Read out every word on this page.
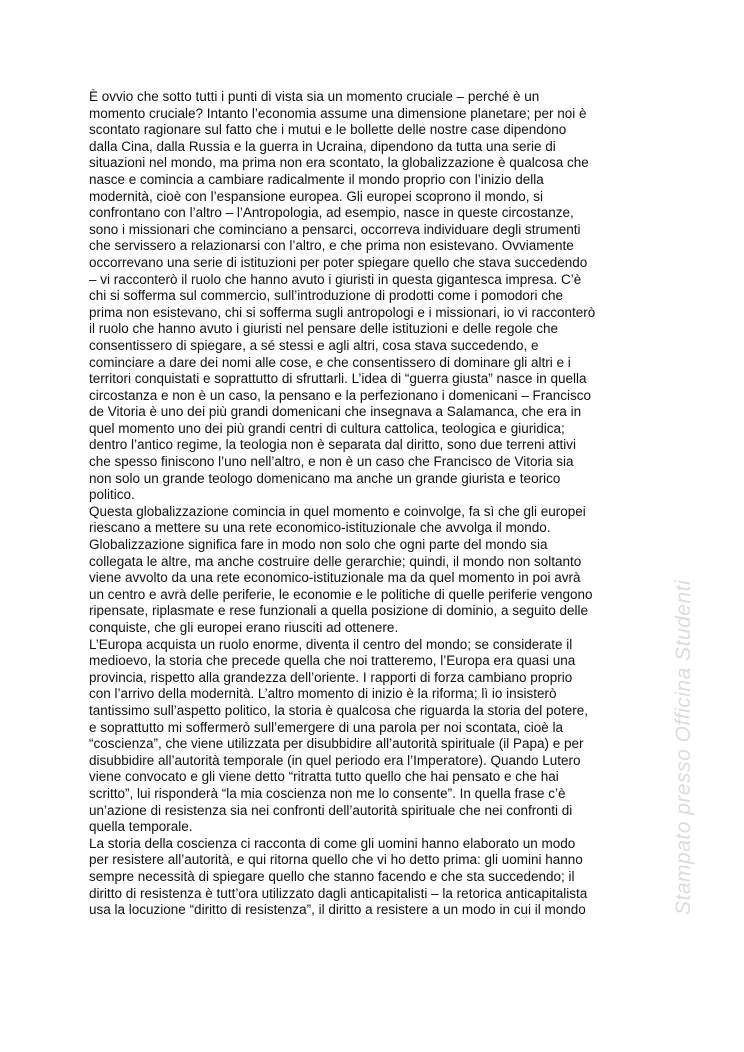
È ovvio che sotto tutti i punti di vista sia un momento cruciale – perché è un
momento cruciale? Intanto l’economia assume una dimensione planetare; per noi è
scontato ragionare sul fatto che i mutui e le bollette delle nostre case dipendono
dalla Cina, dalla Russia e la guerra in Ucraina, dipendono da tutta una serie di
situazioni nel mondo, ma prima non era scontato, la globalizzazione è qualcosa che
nasce e comincia a cambiare radicalmente il mondo proprio con l’inizio della
modernità, cioè con l’espansione europea. Gli europei scoprono il mondo, si
confrontano con l’altro – l’Antropologia, ad esempio, nasce in queste circostanze,
sono i missionari che cominciano a pensarci, occorreva individuare degli strumenti
che servissero a relazionarsi con l’altro, e che prima non esistevano. Ovviamente
occorrevano una serie di istituzioni per poter spiegare quello che stava succedendo
– vi racconterò il ruolo che hanno avuto i giuristi in questa gigantesca impresa. C’è
chi si sofferma sul commercio, sull’introduzione di prodotti come i pomodori che
prima non esistevano, chi si sofferma sugli antropologi e i missionari, io vi racconterò
il ruolo che hanno avuto i giuristi nel pensare delle istituzioni e delle regole che
consentissero di spiegare, a sé stessi e agli altri, cosa stava succedendo, e
cominciare a dare dei nomi alle cose, e che consentissero di dominare gli altri e i
territori conquistati e soprattutto di sfruttarli. L’idea di “guerra giusta” nasce in quella
circostanza e non è un caso, la pensano e la perfezionano i domenicani – Francisco
de Vitoria è uno dei più grandi domenicani che insegnava a Salamanca, che era in
quel momento uno dei più grandi centri di cultura cattolica, teologica e giuridica;
dentro l’antico regime, la teologia non è separata dal diritto, sono due terreni attivi
che spesso finiscono l’uno nell’altro, e non è un caso che Francisco de Vitoria sia
non solo un grande teologo domenicano ma anche un grande giurista e teorico
politico.
Questa globalizzazione comincia in quel momento e coinvolge, fa sì che gli europei
riescano a mettere su una rete economico-istituzionale che avvolga il mondo.
Globalizzazione significa fare in modo non solo che ogni parte del mondo sia
collegata le altre, ma anche costruire delle gerarchie; quindi, il mondo non soltanto
viene avvolto da una rete economico-istituzionale ma da quel momento in poi avrà
un centro e avrà delle periferie, le economie e le politiche di quelle periferie vengono
ripensate, riplasmate e rese funzionali a quella posizione di dominio, a seguito delle
conquiste, che gli europei erano riusciti ad ottenere.
L’Europa acquista un ruolo enorme, diventa il centro del mondo; se considerate il
medioevo, la storia che precede quella che noi tratteremo, l’Europa era quasi una
provincia, rispetto alla grandezza dell’oriente. I rapporti di forza cambiano proprio
con l’arrivo della modernità. L’altro momento di inizio è la riforma; lì io insisterò
tantissimo sull’aspetto politico, la storia è qualcosa che riguarda la storia del potere,
e soprattutto mi soffermerò sull’emergere di una parola per noi scontata, cioè la
“coscienza”, che viene utilizzata per disubbidire all’autorità spirituale (il Papa) e per
disubbidire all’autorità temporale (in quel periodo era l’Imperatore). Quando Lutero
viene convocato e gli viene detto “ritratta tutto quello che hai pensato e che hai
scritto”, lui risponderà “la mia coscienza non me lo consente”. In quella frase c’è
un’azione di resistenza sia nei confronti dell’autorità spirituale che nei confronti di
quella temporale.
La storia della coscienza ci racconta di come gli uomini hanno elaborato un modo
per resistere all’autorità, e qui ritorna quello che vi ho detto prima: gli uomini hanno
sempre necessità di spiegare quello che stanno facendo e che sta succedendo; il
diritto di resistenza è tutt’ora utilizzato dagli anticapitalisti – la retorica anticapitalista
usa la locuzione “diritto di resistenza”, il diritto a resistere a un modo in cui il mondo	Stampato presso Officina Studenti
